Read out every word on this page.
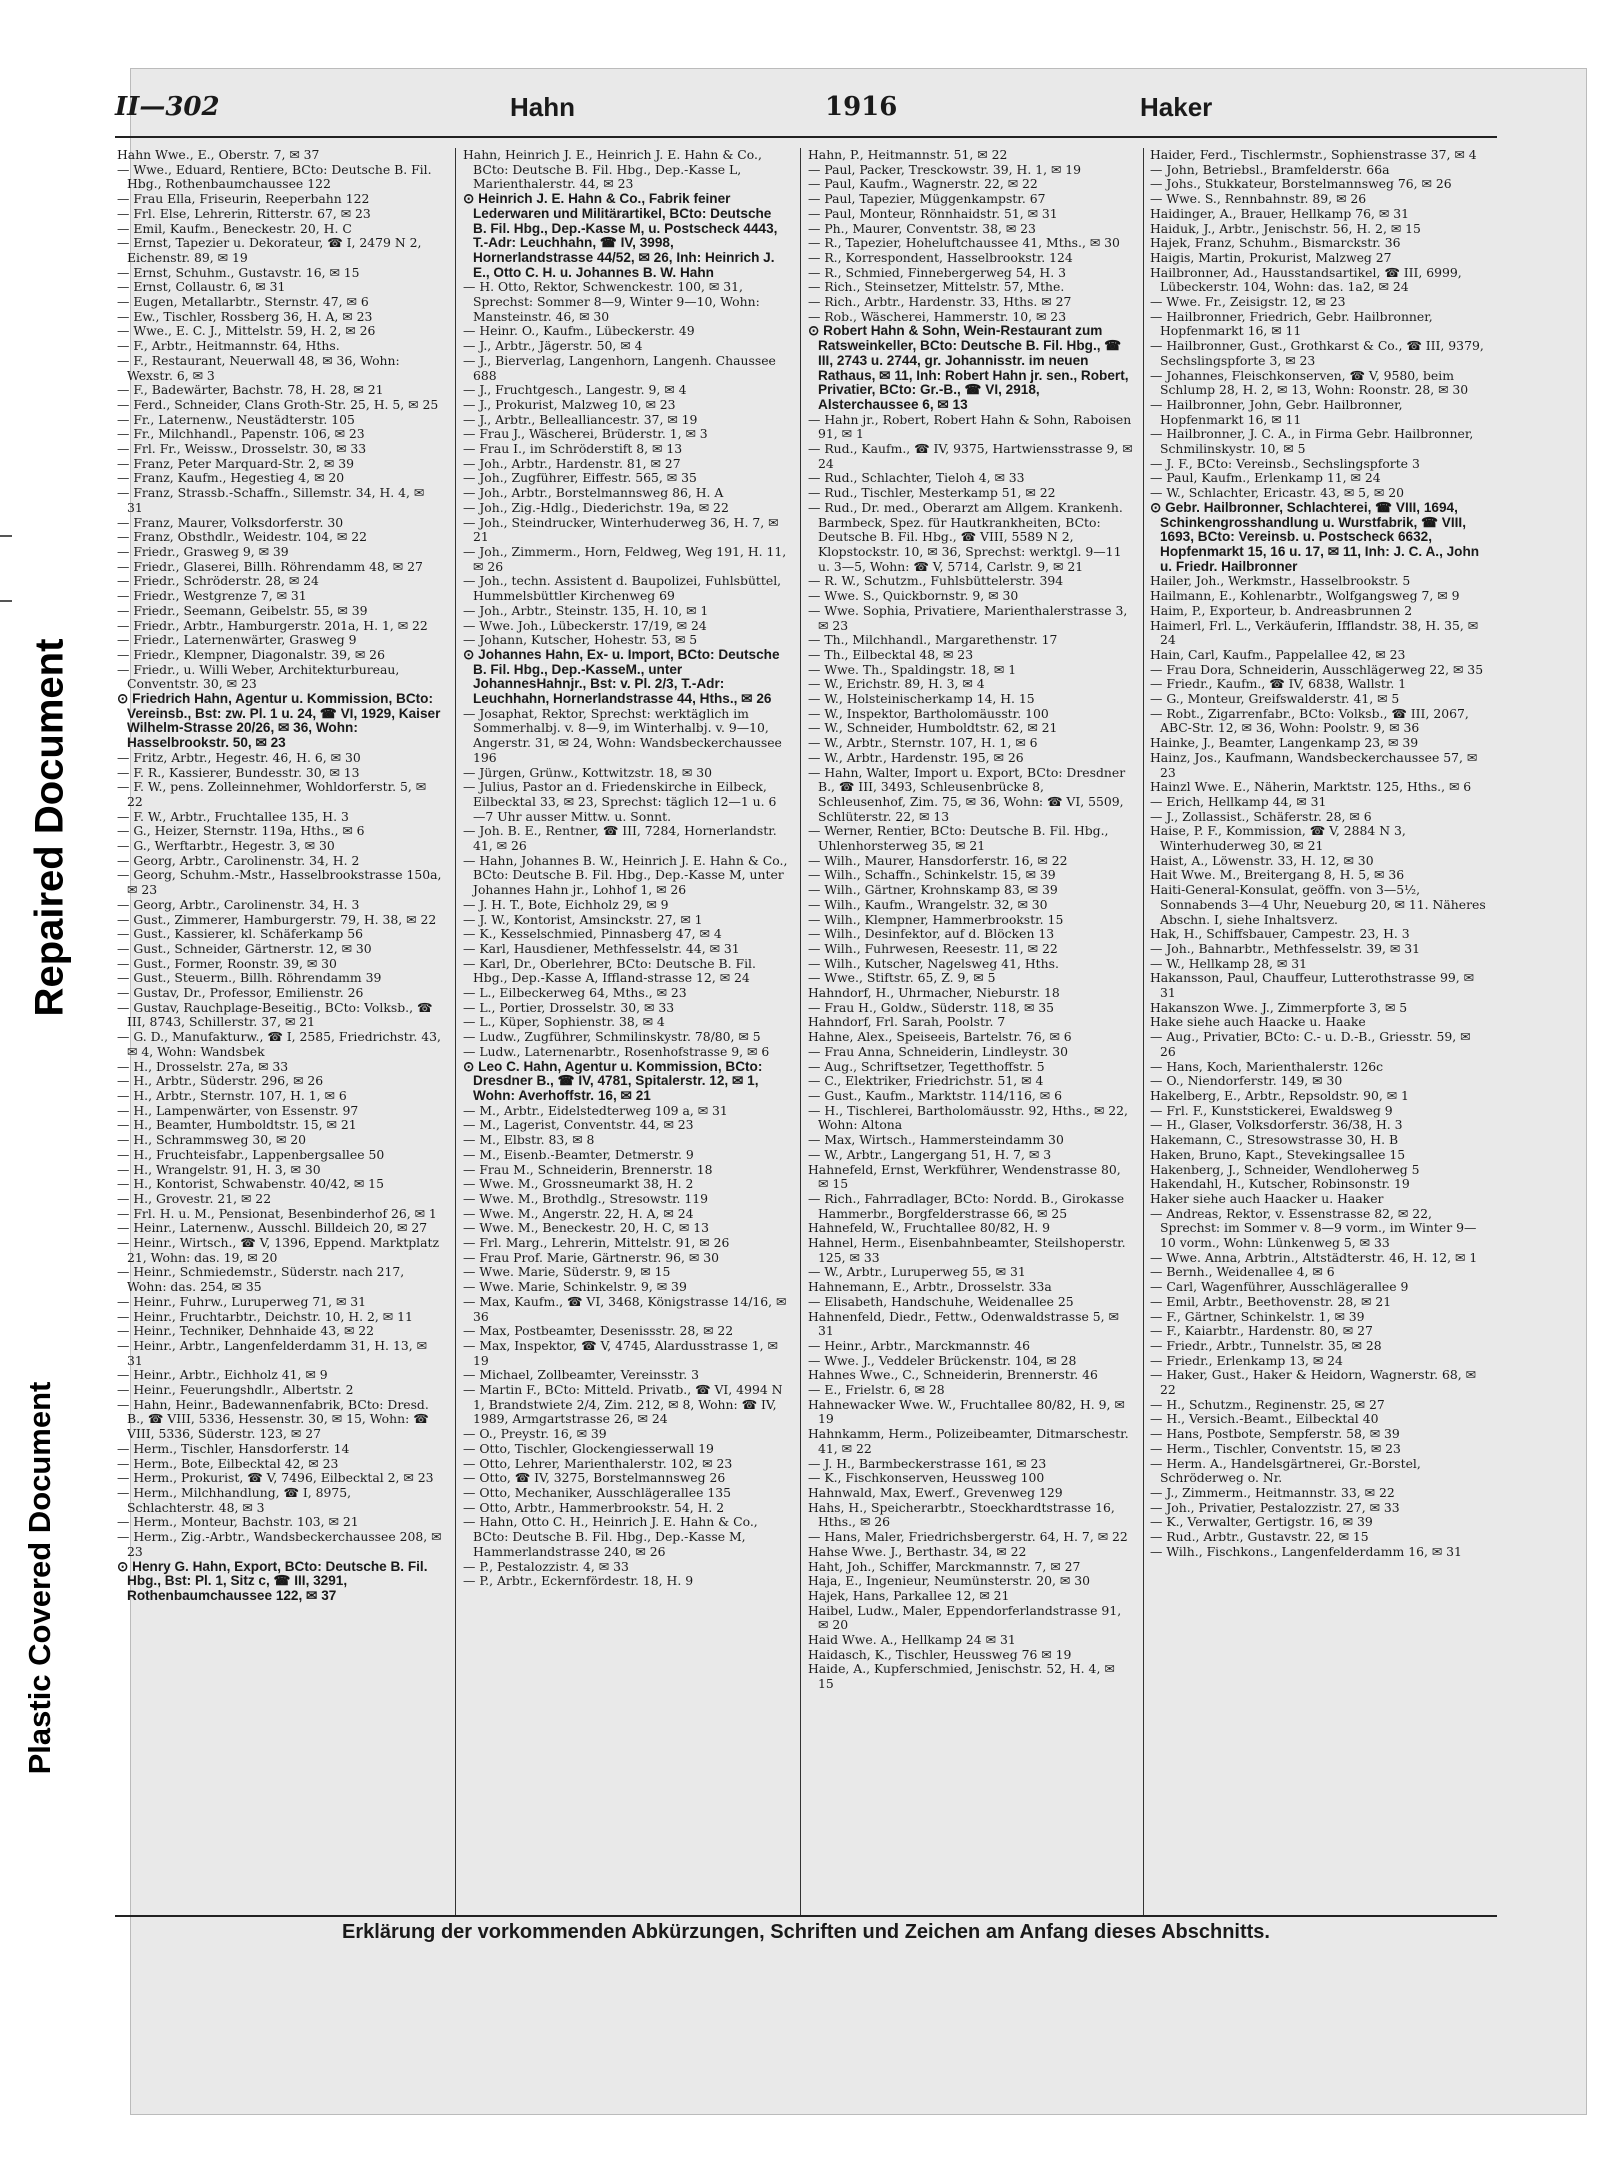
Repaired Document
Plastic Covered Document
II—302	Hahn	1916	Haker

Hahn Wwe., E., Oberstr. 7, ✉ 37

— Wwe., Eduard, Rentiere, BCto: Deutsche B. Fil. Hbg., Rothenbaumchaussee 122

— Frau Ella, Friseurin, Reeperbahn 122

— Frl. Else, Lehrerin, Ritterstr. 67, ✉ 23

— Emil, Kaufm., Beneckestr. 20, H. C

— Ernst, Tapezier u. Dekorateur, ☎ I, 2479 N 2, Eichenstr. 89, ✉ 19

— Ernst, Schuhm., Gustavstr. 16, ✉ 15

— Ernst, Collaustr. 6, ✉ 31

— Eugen, Metallarbtr., Sternstr. 47, ✉ 6

— Ew., Tischler, Rossberg 36, H. A, ✉ 23

— Wwe., E. C. J., Mittelstr. 59, H. 2, ✉ 26

— F., Arbtr., Heitmannstr. 64, Hths.

— F., Restaurant, Neuerwall 48, ✉ 36, Wohn: Wexstr. 6, ✉ 3

— F., Badewärter, Bachstr. 78, H. 28, ✉ 21

— Ferd., Schneider, Clans Groth-Str. 25, H. 5, ✉ 25

— Fr., Laternenw., Neustädterstr. 105

— Fr., Milchhandl., Papenstr. 106, ✉ 23

— Frl. Fr., Weissw., Drosselstr. 30, ✉ 33

— Franz, Peter Marquard-Str. 2, ✉ 39

— Franz, Kaufm., Hegestieg 4, ✉ 20

— Franz, Strassb.-Schaffn., Sillemstr. 34, H. 4, ✉ 31

— Franz, Maurer, Volksdorferstr. 30

— Franz, Obsthdlr., Weidestr. 104, ✉ 22

— Friedr., Grasweg 9, ✉ 39

— Friedr., Glaserei, Billh. Röhrendamm 48, ✉ 27

— Friedr., Schröderstr. 28, ✉ 24

— Friedr., Westgrenze 7, ✉ 31

— Friedr., Seemann, Geibelstr. 55, ✉ 39

— Friedr., Arbtr., Hamburgerstr. 201a, H. 1, ✉ 22

— Friedr., Laternenwärter, Grasweg 9

— Friedr., Klempner, Diagonalstr. 39, ✉ 26

— Friedr., u. Willi Weber, Architekturbureau, Conventstr. 30, ✉ 23

⊙ Friedrich Hahn, Agentur u. Kommission, BCto: Vereinsb., Bst: zw. Pl. 1 u. 24, ☎ VI, 1929, Kaiser Wilhelm-Strasse 20/26, ✉ 36, Wohn: Hasselbrookstr. 50, ✉ 23

— Fritz, Arbtr., Hegestr. 46, H. 6, ✉ 30

— F. R., Kassierer, Bundesstr. 30, ✉ 13

— F. W., pens. Zolleinnehmer, Wohldorferstr. 5, ✉ 22

— F. W., Arbtr., Fruchtallee 135, H. 3

— G., Heizer, Sternstr. 119a, Hths., ✉ 6

— G., Werftarbtr., Hegestr. 3, ✉ 30

— Georg, Arbtr., Carolinenstr. 34, H. 2

— Georg, Schuhm.-Mstr., Hasselbrookstrasse 150a, ✉ 23

— Georg, Arbtr., Carolinenstr. 34, H. 3

— Gust., Zimmerer, Hamburgerstr. 79, H. 38, ✉ 22

— Gust., Kassierer, kl. Schäferkamp 56

— Gust., Schneider, Gärtnerstr. 12, ✉ 30

— Gust., Former, Roonstr. 39, ✉ 30

— Gust., Steuerm., Billh. Röhrendamm 39

— Gustav, Dr., Professor, Emilienstr. 26

— Gustav, Rauchplage-Beseitig., BCto: Volksb., ☎ III, 8743, Schillerstr. 37, ✉ 21

— G. D., Manufakturw., ☎ I, 2585, Friedrichstr. 43, ✉ 4, Wohn: Wandsbek

— H., Drosselstr. 27a, ✉ 33

— H., Arbtr., Süderstr. 296, ✉ 26

— H., Arbtr., Sternstr. 107, H. 1, ✉ 6

— H., Lampenwärter, von Essenstr. 97

— H., Beamter, Humboldtstr. 15, ✉ 21

— H., Schrammsweg 30, ✉ 20

— H., Fruchteisfabr., Lappenbergsallee 50

— H., Wrangelstr. 91, H. 3, ✉ 30

— H., Kontorist, Schwabenstr. 40/42, ✉ 15

— H., Grovestr. 21, ✉ 22

— Frl. H. u. M., Pensionat, Besenbinderhof 26, ✉ 1

— Heinr., Laternenw., Ausschl. Billdeich 20, ✉ 27

— Heinr., Wirtsch., ☎ V, 1396, Eppend. Marktplatz 21, Wohn: das. 19, ✉ 20

— Heinr., Schmiedemstr., Süderstr. nach 217, Wohn: das. 254, ✉ 35

— Heinr., Fuhrw., Luruperweg 71, ✉ 31

— Heinr., Fruchtarbtr., Deichstr. 10, H. 2, ✉ 11

— Heinr., Techniker, Dehnhaide 43, ✉ 22

— Heinr., Arbtr., Langenfelderdamm 31, H. 13, ✉ 31

— Heinr., Arbtr., Eichholz 41, ✉ 9

— Heinr., Feuerungshdlr., Albertstr. 2

— Hahn, Heinr., Badewannenfabrik, BCto: Dresd. B., ☎ VIII, 5336, Hessenstr. 30, ✉ 15, Wohn: ☎ VIII, 5336, Süderstr. 123, ✉ 27

— Herm., Tischler, Hansdorferstr. 14

— Herm., Bote, Eilbecktal 42, ✉ 23

— Herm., Prokurist, ☎ V, 7496, Eilbecktal 2, ✉ 23

— Herm., Milchhandlung, ☎ I, 8975, Schlachterstr. 48, ✉ 3

— Herm., Monteur, Bachstr. 103, ✉ 21

— Herm., Zig.-Arbtr., Wandsbeckerchaussee 208, ✉ 23

⊙ Henry G. Hahn, Export, BCto: Deutsche B. Fil. Hbg., Bst: Pl. 1, Sitz c, ☎ III, 3291, Rothenbaumchaussee 122, ✉ 37

Hahn, Heinrich J. E., Heinrich J. E. Hahn & Co., BCto: Deutsche B. Fil. Hbg., Dep.-Kasse L, Marienthalerstr. 44, ✉ 23

⊙ Heinrich J. E. Hahn & Co., Fabrik feiner Lederwaren und Militärartikel, BCto: Deutsche B. Fil. Hbg., Dep.-Kasse M, u. Postscheck 4443, T.-Adr: Leuchhahn, ☎ IV, 3998, Hornerlandstrasse 44/52, ✉ 26, Inh: Heinrich J. E., Otto C. H. u. Johannes B. W. Hahn

— H. Otto, Rektor, Schwenckestr. 100, ✉ 31, Sprechst: Sommer 8—9, Winter 9—10, Wohn: Mansteinstr. 46, ✉ 30

— Heinr. O., Kaufm., Lübeckerstr. 49

— J., Arbtr., Jägerstr. 50, ✉ 4

— J., Bierverlag, Langenhorn, Langenh. Chaussee 688

— J., Fruchtgesch., Langestr. 9, ✉ 4

— J., Prokurist, Malzweg 10, ✉ 23

— J., Arbtr., Bellealliancestr. 37, ✉ 19

— Frau J., Wäscherei, Brüderstr. 1, ✉ 3

— Frau I., im Schröderstift 8, ✉ 13

— Joh., Arbtr., Hardenstr. 81, ✉ 27

— Joh., Zugführer, Eiffestr. 565, ✉ 35

— Joh., Arbtr., Borstelmannsweg 86, H. A

— Joh., Zig.-Hdlg., Diederichstr. 19a, ✉ 22

— Joh., Steindrucker, Winterhuderweg 36, H. 7, ✉ 21

— Joh., Zimmerm., Horn, Feldweg, Weg 191, H. 11, ✉ 26

— Joh., techn. Assistent d. Baupolizei, Fuhlsbüttel, Hummelsbüttler Kirchenweg 69

— Joh., Arbtr., Steinstr. 135, H. 10, ✉ 1

— Wwe. Joh., Lübeckerstr. 17/19, ✉ 24

— Johann, Kutscher, Hohestr. 53, ✉ 5

⊙ Johannes Hahn, Ex- u. Import, BCto: Deutsche B. Fil. Hbg., Dep.-KasseM., unter JohannesHahnjr., Bst: v. Pl. 2/3, T.-Adr: Leuchhahn, Hornerlandstrasse 44, Hths., ✉ 26

— Josaphat, Rektor, Sprechst: werktäglich im Sommerhalbj. v. 8—9, im Winterhalbj. v. 9—10, Angerstr. 31, ✉ 24, Wohn: Wandsbeckerchaussee 196

— Jürgen, Grünw., Kottwitzstr. 18, ✉ 30

— Julius, Pastor an d. Friedenskirche in Eilbeck, Eilbecktal 33, ✉ 23, Sprechst: täglich 12—1 u. 6—7 Uhr ausser Mittw. u. Sonnt.

— Joh. B. E., Rentner, ☎ III, 7284, Hornerlandstr. 41, ✉ 26

— Hahn, Johannes B. W., Heinrich J. E. Hahn & Co., BCto: Deutsche B. Fil. Hbg., Dep.-Kasse M, unter Johannes Hahn jr., Lohhof 1, ✉ 26

— J. H. T., Bote, Eichholz 29, ✉ 9

— J. W., Kontorist, Amsinckstr. 27, ✉ 1

— K., Kesselschmied, Pinnasberg 47, ✉ 4

— Karl, Hausdiener, Methfesselstr. 44, ✉ 31

— Karl, Dr., Oberlehrer, BCto: Deutsche B. Fil. Hbg., Dep.-Kasse A, Iffland-strasse 12, ✉ 24

— L., Eilbeckerweg 64, Mths., ✉ 23

— L., Portier, Drosselstr. 30, ✉ 33

— L., Küper, Sophienstr. 38, ✉ 4

— Ludw., Zugführer, Schmilinskystr. 78/80, ✉ 5

— Ludw., Laternenarbtr., Rosenhofstrasse 9, ✉ 6

⊙ Leo C. Hahn, Agentur u. Kommission, BCto: Dresdner B., ☎ IV, 4781, Spitalerstr. 12, ✉ 1, Wohn: Averhoffstr. 16, ✉ 21

— M., Arbtr., Eidelstedterweg 109 a, ✉ 31

— M., Lagerist, Conventstr. 44, ✉ 23

— M., Elbstr. 83, ✉ 8

— M., Eisenb.-Beamter, Detmerstr. 9

— Frau M., Schneiderin, Brennerstr. 18

— Wwe. M., Grossneumarkt 38, H. 2

— Wwe. M., Brothdlg., Stresowstr. 119

— Wwe. M., Angerstr. 22, H. A, ✉ 24

— Wwe. M., Beneckestr. 20, H. C, ✉ 13

— Frl. Marg., Lehrerin, Mittelstr. 91, ✉ 26

— Frau Prof. Marie, Gärtnerstr. 96, ✉ 30

— Wwe. Marie, Süderstr. 9, ✉ 15

— Wwe. Marie, Schinkelstr. 9, ✉ 39

— Max, Kaufm., ☎ VI, 3468, Königstrasse 14/16, ✉ 36

— Max, Postbeamter, Desenissstr. 28, ✉ 22

— Max, Inspektor, ☎ V, 4745, Alardusstrasse 1, ✉ 19

— Michael, Zollbeamter, Vereinsstr. 3

— Martin F., BCto: Mitteld. Privatb., ☎ VI, 4994 N 1, Brandstwiete 2/4, Zim. 212, ✉ 8, Wohn: ☎ IV, 1989, Armgartstrasse 26, ✉ 24

— O., Preystr. 16, ✉ 39

— Otto, Tischler, Glockengiesserwall 19

— Otto, Lehrer, Marienthalerstr. 102, ✉ 23

— Otto, ☎ IV, 3275, Borstelmannsweg 26

— Otto, Mechaniker, Ausschlägerallee 135

— Otto, Arbtr., Hammerbrookstr. 54, H. 2

— Hahn, Otto C. H., Heinrich J. E. Hahn & Co., BCto: Deutsche B. Fil. Hbg., Dep.-Kasse M, Hammerlandstrasse 240, ✉ 26

— P., Pestalozzistr. 4, ✉ 33

— P., Arbtr., Eckernfördestr. 18, H. 9

Hahn, P., Heitmannstr. 51, ✉ 22

— Paul, Packer, Tresckowstr. 39, H. 1, ✉ 19

— Paul, Kaufm., Wagnerstr. 22, ✉ 22

— Paul, Tapezier, Müggenkampstr. 67

— Paul, Monteur, Rönnhaidstr. 51, ✉ 31

— Ph., Maurer, Conventstr. 38, ✉ 23

— R., Tapezier, Hoheluftchaussee 41, Mths., ✉ 30

— R., Korrespondent, Hasselbrookstr. 124

— R., Schmied, Finnebergerweg 54, H. 3

— Rich., Steinsetzer, Mittelstr. 57, Mthe.

— Rich., Arbtr., Hardenstr. 33, Hths. ✉ 27

— Rob., Wäscherei, Hammerstr. 10, ✉ 23

⊙ Robert Hahn & Sohn, Wein-Restaurant zum Ratsweinkeller, BCto: Deutsche B. Fil. Hbg., ☎ III, 2743 u. 2744, gr. Johannisstr. im neuen Rathaus, ✉ 11, Inh: Robert Hahn jr. sen., Robert, Privatier, BCto: Gr.-B., ☎ VI, 2918, Alsterchaussee 6, ✉ 13

— Hahn jr., Robert, Robert Hahn & Sohn, Raboisen 91, ✉ 1

— Rud., Kaufm., ☎ IV, 9375, Hartwiensstrasse 9, ✉ 24

— Rud., Schlachter, Tieloh 4, ✉ 33

— Rud., Tischler, Mesterkamp 51, ✉ 22

— Rud., Dr. med., Oberarzt am Allgem. Krankenh. Barmbeck, Spez. für Hautkrankheiten, BCto: Deutsche B. Fil. Hbg., ☎ VIII, 5589 N 2, Klopstockstr. 10, ✉ 36, Sprechst: werktgl. 9—11 u. 3—5, Wohn: ☎ V, 5714, Carlstr. 9, ✉ 21

— R. W., Schutzm., Fuhlsbüttelerstr. 394

— Wwe. S., Quickbornstr. 9, ✉ 30

— Wwe. Sophia, Privatiere, Marienthalerstrasse 3, ✉ 23

— Th., Milchhandl., Margarethenstr. 17

— Th., Eilbecktal 48, ✉ 23

— Wwe. Th., Spaldingstr. 18, ✉ 1

— W., Erichstr. 89, H. 3, ✉ 4

— W., Holsteinischerkamp 14, H. 15

— W., Inspektor, Bartholomäusstr. 100

— W., Schneider, Humboldtstr. 62, ✉ 21

— W., Arbtr., Sternstr. 107, H. 1, ✉ 6

— W., Arbtr., Hardenstr. 195, ✉ 26

— Hahn, Walter, Import u. Export, BCto: Dresdner B., ☎ III, 3493, Schleusenbrücke 8, Schleusenhof, Zim. 75, ✉ 36, Wohn: ☎ VI, 5509, Schlüterstr. 22, ✉ 13

— Werner, Rentier, BCto: Deutsche B. Fil. Hbg., Uhlenhorsterweg 35, ✉ 21

— Wilh., Maurer, Hansdorferstr. 16, ✉ 22

— Wilh., Schaffn., Schinkelstr. 15, ✉ 39

— Wilh., Gärtner, Krohnskamp 83, ✉ 39

— Wilh., Kaufm., Wrangelstr. 32, ✉ 30

— Wilh., Klempner, Hammerbrookstr. 15

— Wilh., Desinfektor, auf d. Blöcken 13

— Wilh., Fuhrwesen, Reesestr. 11, ✉ 22

— Wilh., Kutscher, Nagelsweg 41, Hths.

— Wwe., Stiftstr. 65, Z. 9, ✉ 5

Hahndorf, H., Uhrmacher, Nieburstr. 18

— Frau H., Goldw., Süderstr. 118, ✉ 35

Hahndorf, Frl. Sarah, Poolstr. 7

Hahne, Alex., Speiseeis, Bartelstr. 76, ✉ 6

— Frau Anna, Schneiderin, Lindleystr. 30

— Aug., Schriftsetzer, Tegetthoffstr. 5

— C., Elektriker, Friedrichstr. 51, ✉ 4

— Gust., Kaufm., Marktstr. 114/116, ✉ 6

— H., Tischlerei, Bartholomäusstr. 92, Hths., ✉ 22, Wohn: Altona

— Max, Wirtsch., Hammersteindamm 30

— W., Arbtr., Langergang 51, H. 7, ✉ 3

Hahnefeld, Ernst, Werkführer, Wendenstrasse 80, ✉ 15

— Rich., Fahrradlager, BCto: Nordd. B., Girokasse Hammerbr., Borgfelderstrasse 66, ✉ 25

Hahnefeld, W., Fruchtallee 80/82, H. 9

Hahnel, Herm., Eisenbahnbeamter, Steilshoperstr. 125, ✉ 33

— W., Arbtr., Luruperweg 55, ✉ 31

Hahnemann, E., Arbtr., Drosselstr. 33a

— Elisabeth, Handschuhe, Weidenallee 25

Hahnenfeld, Diedr., Fettw., Odenwaldstrasse 5, ✉ 31

— Heinr., Arbtr., Marckmannstr. 46

— Wwe. J., Veddeler Brückenstr. 104, ✉ 28

Hahnes Wwe., C., Schneiderin, Brennerstr. 46

— E., Frielstr. 6, ✉ 28

Hahnewacker Wwe. W., Fruchtallee 80/82, H. 9, ✉ 19

Hahnkamm, Herm., Polizeibeamter, Ditmarschestr. 41, ✉ 22

— J. H., Barmbeckerstrasse 161, ✉ 23

— K., Fischkonserven, Heussweg 100

Hahnwald, Max, Ewerf., Grevenweg 129

Hahs, H., Speicherarbtr., Stoeckhardtstrasse 16, Hths., ✉ 26

— Hans, Maler, Friedrichsbergerstr. 64, H. 7, ✉ 22

Hahse Wwe. J., Berthastr. 34, ✉ 22

Haht, Joh., Schiffer, Marckmannstr. 7, ✉ 27

Haja, E., Ingenieur, Neumünsterstr. 20, ✉ 30

Hajek, Hans, Parkallee 12, ✉ 21

Haibel, Ludw., Maler, Eppendorferlandstrasse 91, ✉ 20

Haid Wwe. A., Hellkamp 24 ✉ 31

Haidasch, K., Tischler, Heussweg 76 ✉ 19

Haide, A., Kupferschmied, Jenischstr. 52, H. 4, ✉ 15

Haider, Ferd., Tischlermstr., Sophienstrasse 37, ✉ 4

— John, Betriebsl., Bramfelderstr. 66a

— Johs., Stukkateur, Borstelmannsweg 76, ✉ 26

— Wwe. S., Rennbahnstr. 89, ✉ 26

Haidinger, A., Brauer, Hellkamp 76, ✉ 31

Haiduk, J., Arbtr., Jenischstr. 56, H. 2, ✉ 15

Hajek, Franz, Schuhm., Bismarckstr. 36

Haigis, Martin, Prokurist, Malzweg 27

Hailbronner, Ad., Hausstandsartikel, ☎ III, 6999, Lübeckerstr. 104, Wohn: das. 1a2, ✉ 24

— Wwe. Fr., Zeisigstr. 12, ✉ 23

— Hailbronner, Friedrich, Gebr. Hailbronner, Hopfenmarkt 16, ✉ 11

— Hailbronner, Gust., Grothkarst & Co., ☎ III, 9379, Sechslingspforte 3, ✉ 23

— Johannes, Fleischkonserven, ☎ V, 9580, beim Schlump 28, H. 2, ✉ 13, Wohn: Roonstr. 28, ✉ 30

— Hailbronner, John, Gebr. Hailbronner, Hopfenmarkt 16, ✉ 11

— Hailbronner, J. C. A., in Firma Gebr. Hailbronner, Schmilinskystr. 10, ✉ 5

— J. F., BCto: Vereinsb., Sechslingspforte 3

— Paul, Kaufm., Erlenkamp 11, ✉ 24

— W., Schlachter, Ericastr. 43, ✉ 5, ✉ 20

⊙ Gebr. Hailbronner, Schlachterei, ☎ VIII, 1694, Schinkengrosshandlung u. Wurstfabrik, ☎ VIII, 1693, BCto: Vereinsb. u. Postscheck 6632, Hopfenmarkt 15, 16 u. 17, ✉ 11, Inh: J. C. A., John u. Friedr. Hailbronner

Hailer, Joh., Werkmstr., Hasselbrookstr. 5

Hailmann, E., Kohlenarbtr., Wolfgangsweg 7, ✉ 9

Haim, P., Exporteur, b. Andreasbrunnen 2

Haimerl, Frl. L., Verkäuferin, Ifflandstr. 38, H. 35, ✉ 24

Hain, Carl, Kaufm., Pappelallee 42, ✉ 23

— Frau Dora, Schneiderin, Ausschlägerweg 22, ✉ 35

— Friedr., Kaufm., ☎ IV, 6838, Wallstr. 1

— G., Monteur, Greifswalderstr. 41, ✉ 5

— Robt., Zigarrenfabr., BCto: Volksb., ☎ III, 2067, ABC-Str. 12, ✉ 36, Wohn: Poolstr. 9, ✉ 36

Hainke, J., Beamter, Langenkamp 23, ✉ 39

Hainz, Jos., Kaufmann, Wandsbeckerchaussee 57, ✉ 23

Hainzl Wwe. E., Näherin, Marktstr. 125, Hths., ✉ 6

— Erich, Hellkamp 44, ✉ 31

— J., Zollassist., Schäferstr. 28, ✉ 6

Haise, P. F., Kommission, ☎ V, 2884 N 3, Winterhuderweg 30, ✉ 21

Haist, A., Löwenstr. 33, H. 12, ✉ 30

Hait Wwe. M., Breitergang 8, H. 5, ✉ 36

Haiti-General-Konsulat, geöffn. von 3—5½, Sonnabends 3—4 Uhr, Neueburg 20, ✉ 11. Näheres Abschn. I, siehe Inhaltsverz.

Hak, H., Schiffsbauer, Campestr. 23, H. 3

— Joh., Bahnarbtr., Methfesselstr. 39, ✉ 31

— W., Hellkamp 28, ✉ 31

Hakansson, Paul, Chauffeur, Lutterothstrasse 99, ✉ 31

Hakanszon Wwe. J., Zimmerpforte 3, ✉ 5

Hake siehe auch Haacke u. Haake

— Aug., Privatier, BCto: C.- u. D.-B., Griesstr. 59, ✉ 26

— Hans, Koch, Marienthalerstr. 126c

— O., Niendorferstr. 149, ✉ 30

Hakelberg, E., Arbtr., Repsoldstr. 90, ✉ 1

— Frl. F., Kunststickerei, Ewaldsweg 9

— H., Glaser, Volksdorferstr. 36/38, H. 3

Hakemann, C., Stresowstrasse 30, H. B

Haken, Bruno, Kapt., Stevekingsallee 15

Hakenberg, J., Schneider, Wendloherweg 5

Hakendahl, H., Kutscher, Robinsonstr. 19

Haker siehe auch Haacker u. Haaker

— Andreas, Rektor, v. Essenstrasse 82, ✉ 22, Sprechst: im Sommer v. 8—9 vorm., im Winter 9—10 vorm., Wohn: Lünkenweg 5, ✉ 33

— Wwe. Anna, Arbtrin., Altstädterstr. 46, H. 12, ✉ 1

— Bernh., Weidenallee 4, ✉ 6

— Carl, Wagenführer, Ausschlägerallee 9

— Emil, Arbtr., Beethovenstr. 28, ✉ 21

— F., Gärtner, Schinkelstr. 1, ✉ 39

— F., Kaiarbtr., Hardenstr. 80, ✉ 27

— Friedr., Arbtr., Tunnelstr. 35, ✉ 28

— Friedr., Erlenkamp 13, ✉ 24

— Haker, Gust., Haker & Heidorn, Wagnerstr. 68, ✉ 22

— H., Schutzm., Reginenstr. 25, ✉ 27

— H., Versich.-Beamt., Eilbecktal 40

— Hans, Postbote, Sempferstr. 58, ✉ 39

— Herm., Tischler, Conventstr. 15, ✉ 23

— Herm. A., Handelsgärtnerei, Gr.-Borstel, Schröderweg o. Nr.

— J., Zimmerm., Heitmannstr. 33, ✉ 22

— Joh., Privatier, Pestalozzistr. 27, ✉ 33

— K., Verwalter, Gertigstr. 16, ✉ 39

— Rud., Arbtr., Gustavstr. 22, ✉ 15

— Wilh., Fischkons., Langenfelderdamm 16, ✉ 31

Erklärung der vorkommenden Abkürzungen, Schriften und Zeichen am Anfang dieses Abschnitts.
